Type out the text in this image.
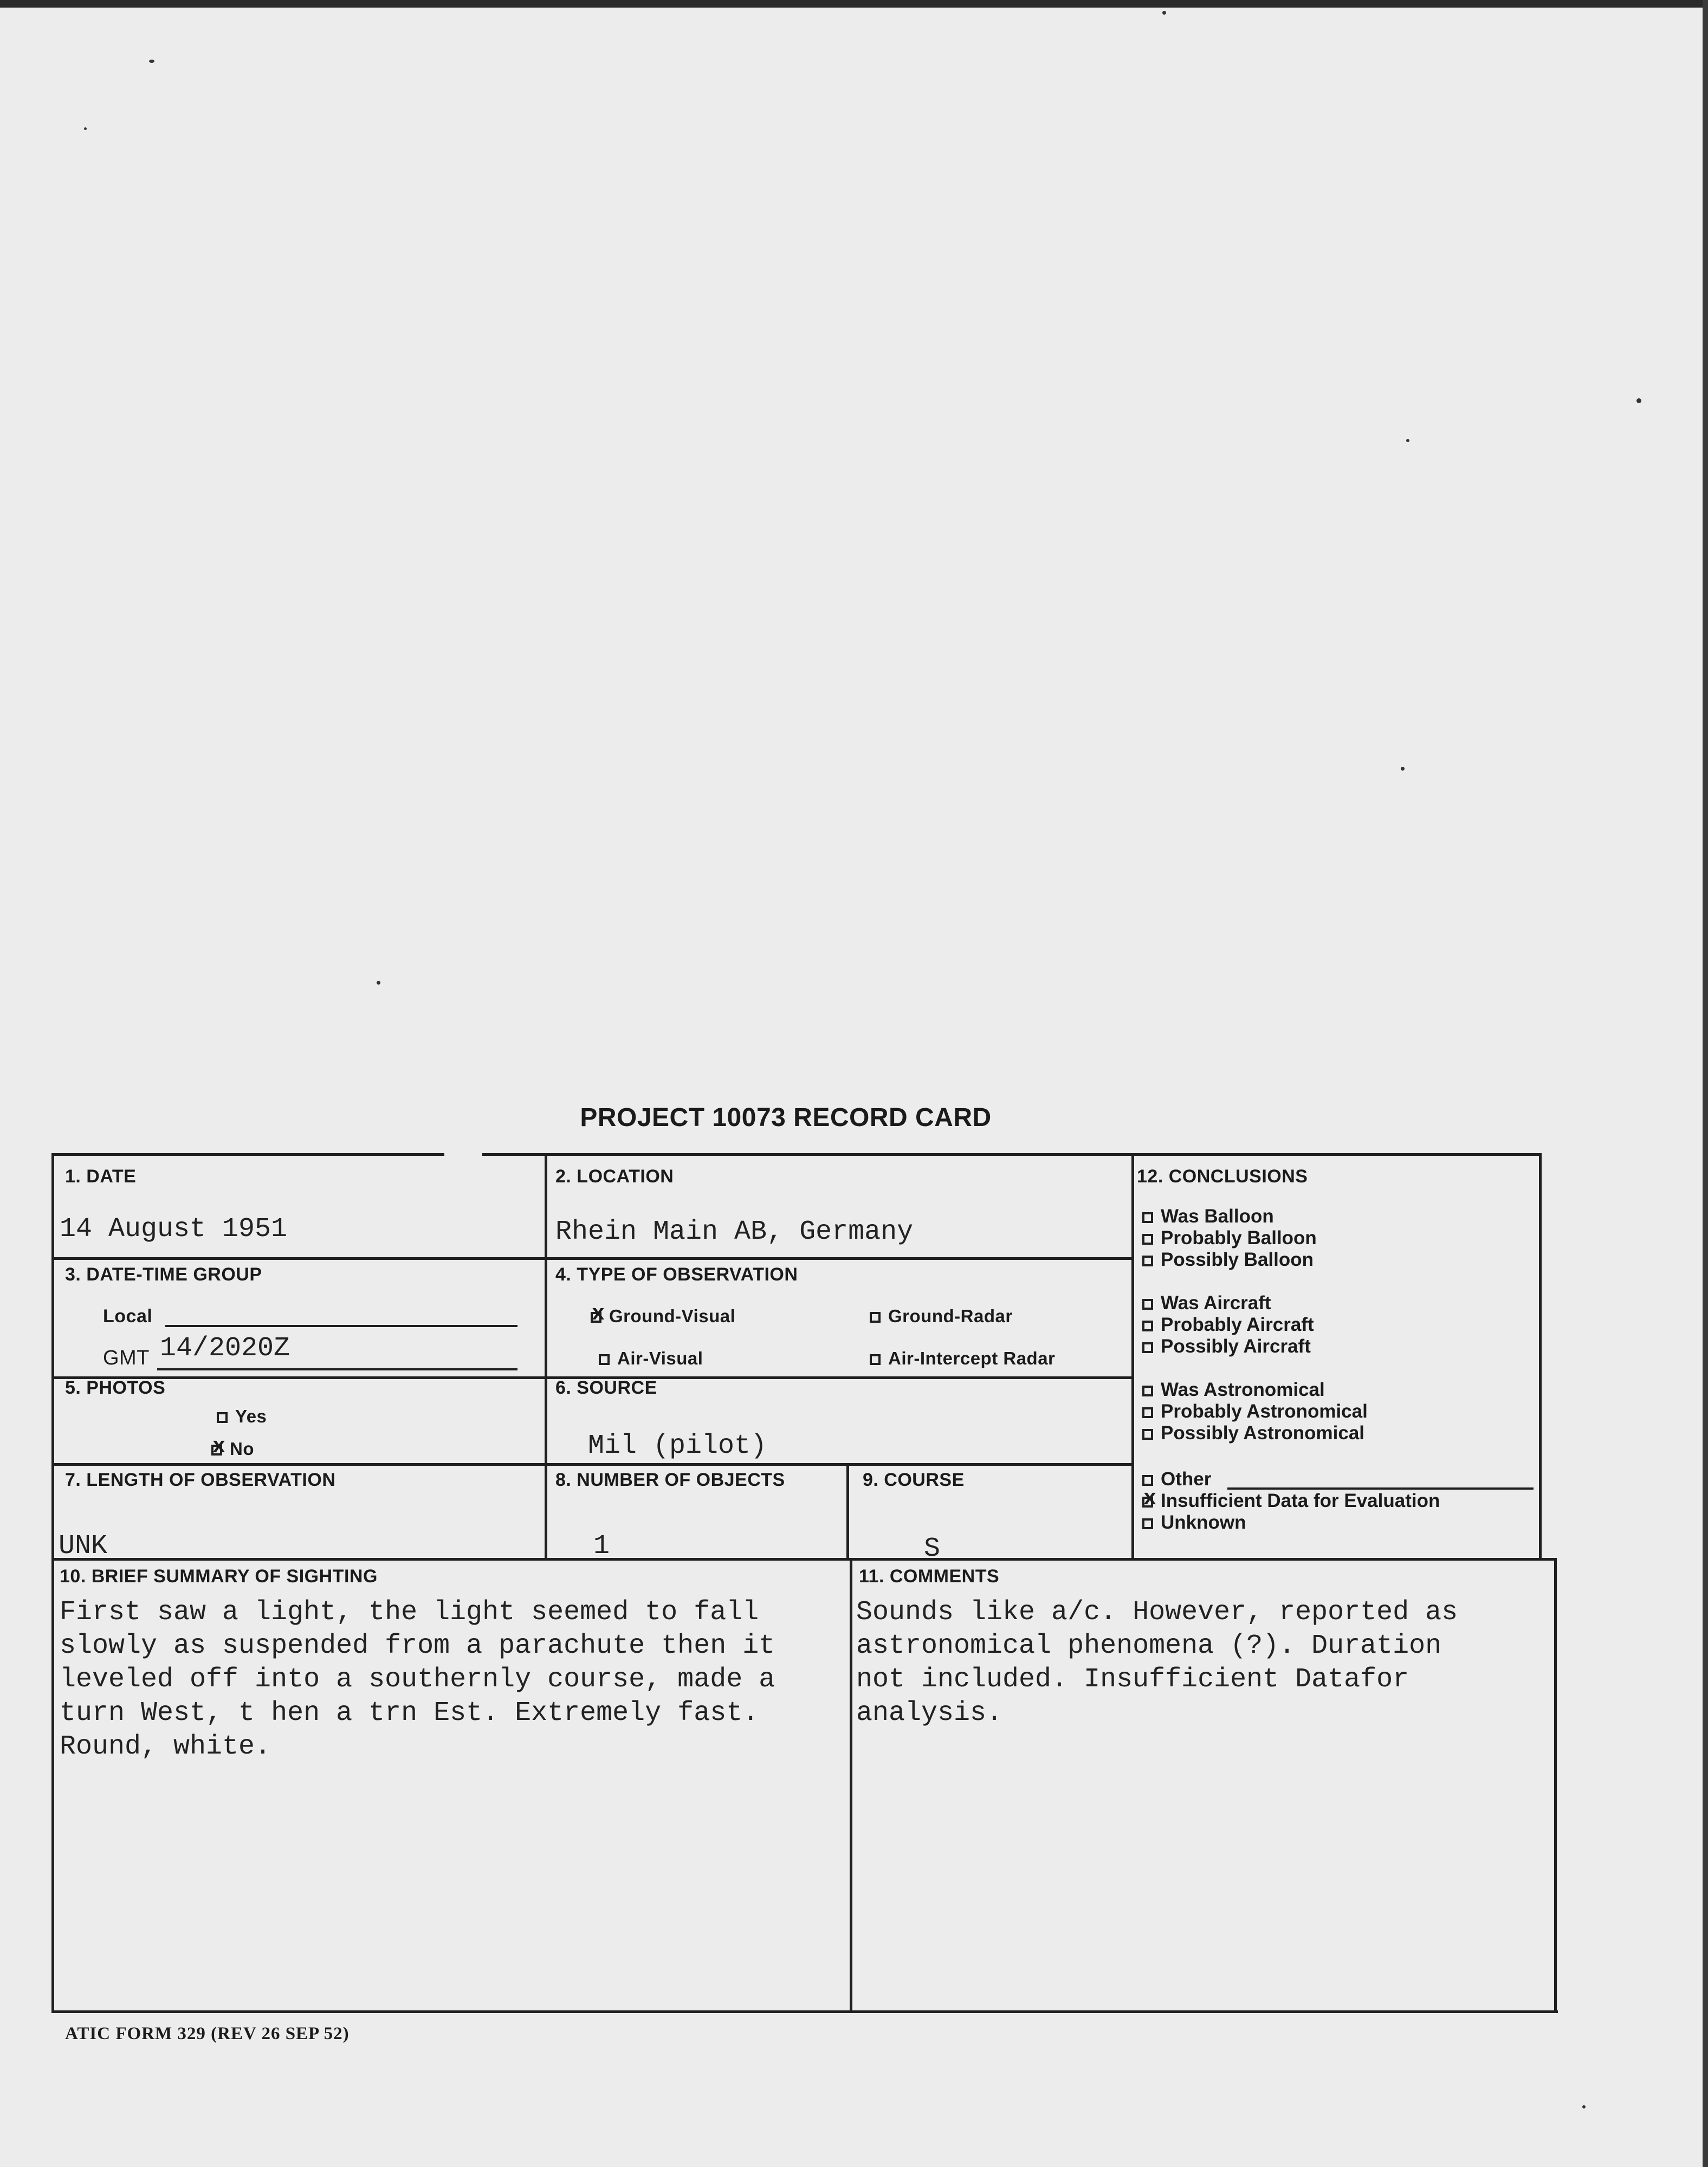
PROJECT 10073 RECORD CARD
1. DATE
14 August 1951
2. LOCATION
Rhein Main AB, Germany
3. DATE-TIME GROUP
Local
GMT 14/2020Z
4. TYPE OF OBSERVATION
xGround-Visual	Ground-Radar
Air-Visual	Air-Intercept Radar
5. PHOTOS
Yes
xNo
6. SOURCE
Mil (pilot)
7. LENGTH OF OBSERVATION
UNK
8. NUMBER OF OBJECTS
1
9. COURSE
S
10. BRIEF SUMMARY OF SIGHTING
First saw a light, the light seemed to fall
slowly as suspended from a parachute then it
leveled off into a southernly course, made a
turn West, t hen a trn Est. Extremely fast.
Round, white.
11. COMMENTS
Sounds like a/c. However, reported as
astronomical phenomena (?). Duration
not included. Insufficient Datafor
analysis.
12. CONCLUSIONS
Was Balloon
Probably Balloon
Possibly Balloon
Was Aircraft
Probably Aircraft
Possibly Aircraft
Was Astronomical
Probably Astronomical
Possibly Astronomical
Other
xInsufficient Data for Evaluation
Unknown
ATIC FORM 329 (REV 26 SEP 52)
